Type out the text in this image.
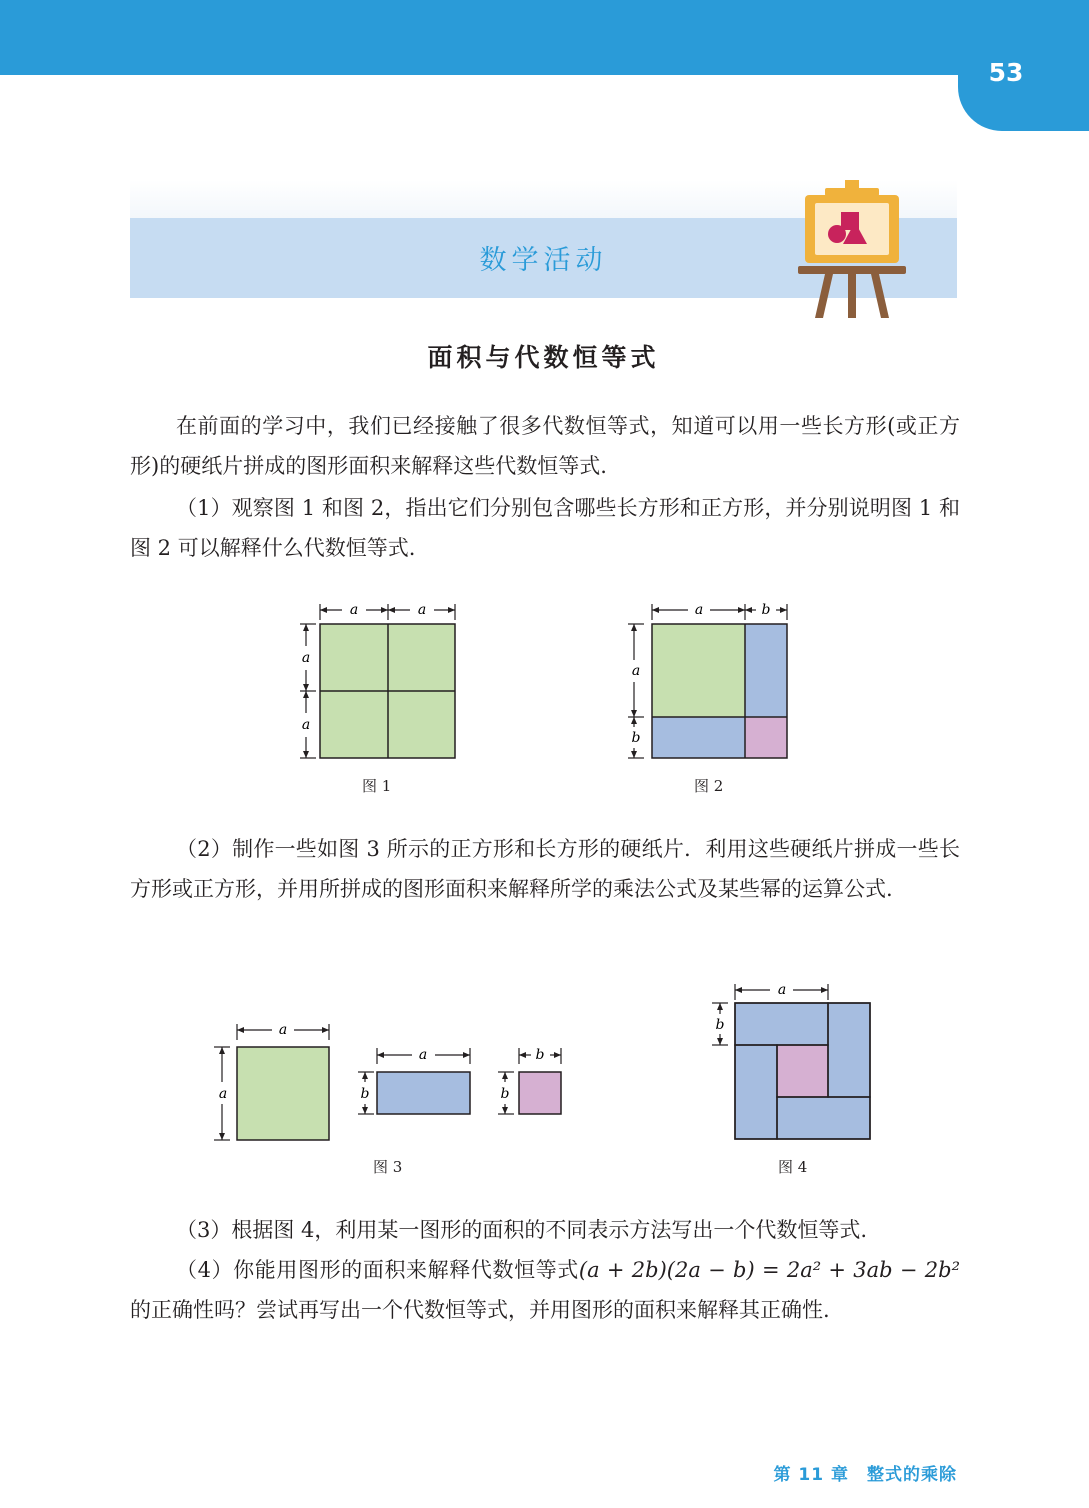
53
数学活动
面积与代数恒等式

在前面的学习中，我们已经接触了很多代数恒等式，知道可以用一些长方形(或正方形)的硬纸片拼成的图形面积来解释这些代数恒等式.

（1）观察图 1 和图 2，指出它们分别包含哪些长方形和正方形，并分别说明图 1 和图 2 可以解释什么代数恒等式.

a	a
a
a
图 1
a	b
a
b
图 2

（2）制作一些如图 3 所示的正方形和长方形的硬纸片．利用这些硬纸片拼成一些长方形或正方形，并用所拼成的图形面积来解释所学的乘法公式及某些幂的运算公式.

a
a
a
b
b
b
图 3
a
b
图 4

（3）根据图 4，利用某一图形的面积的不同表示方法写出一个代数恒等式.

（4）你能用图形的面积来解释代数恒等式(a + 2b)(2a − b) = 2a² + 3ab − 2b²的正确性吗？尝试再写出一个代数恒等式，并用图形的面积来解释其正确性.

第 11 章　整式的乘除
